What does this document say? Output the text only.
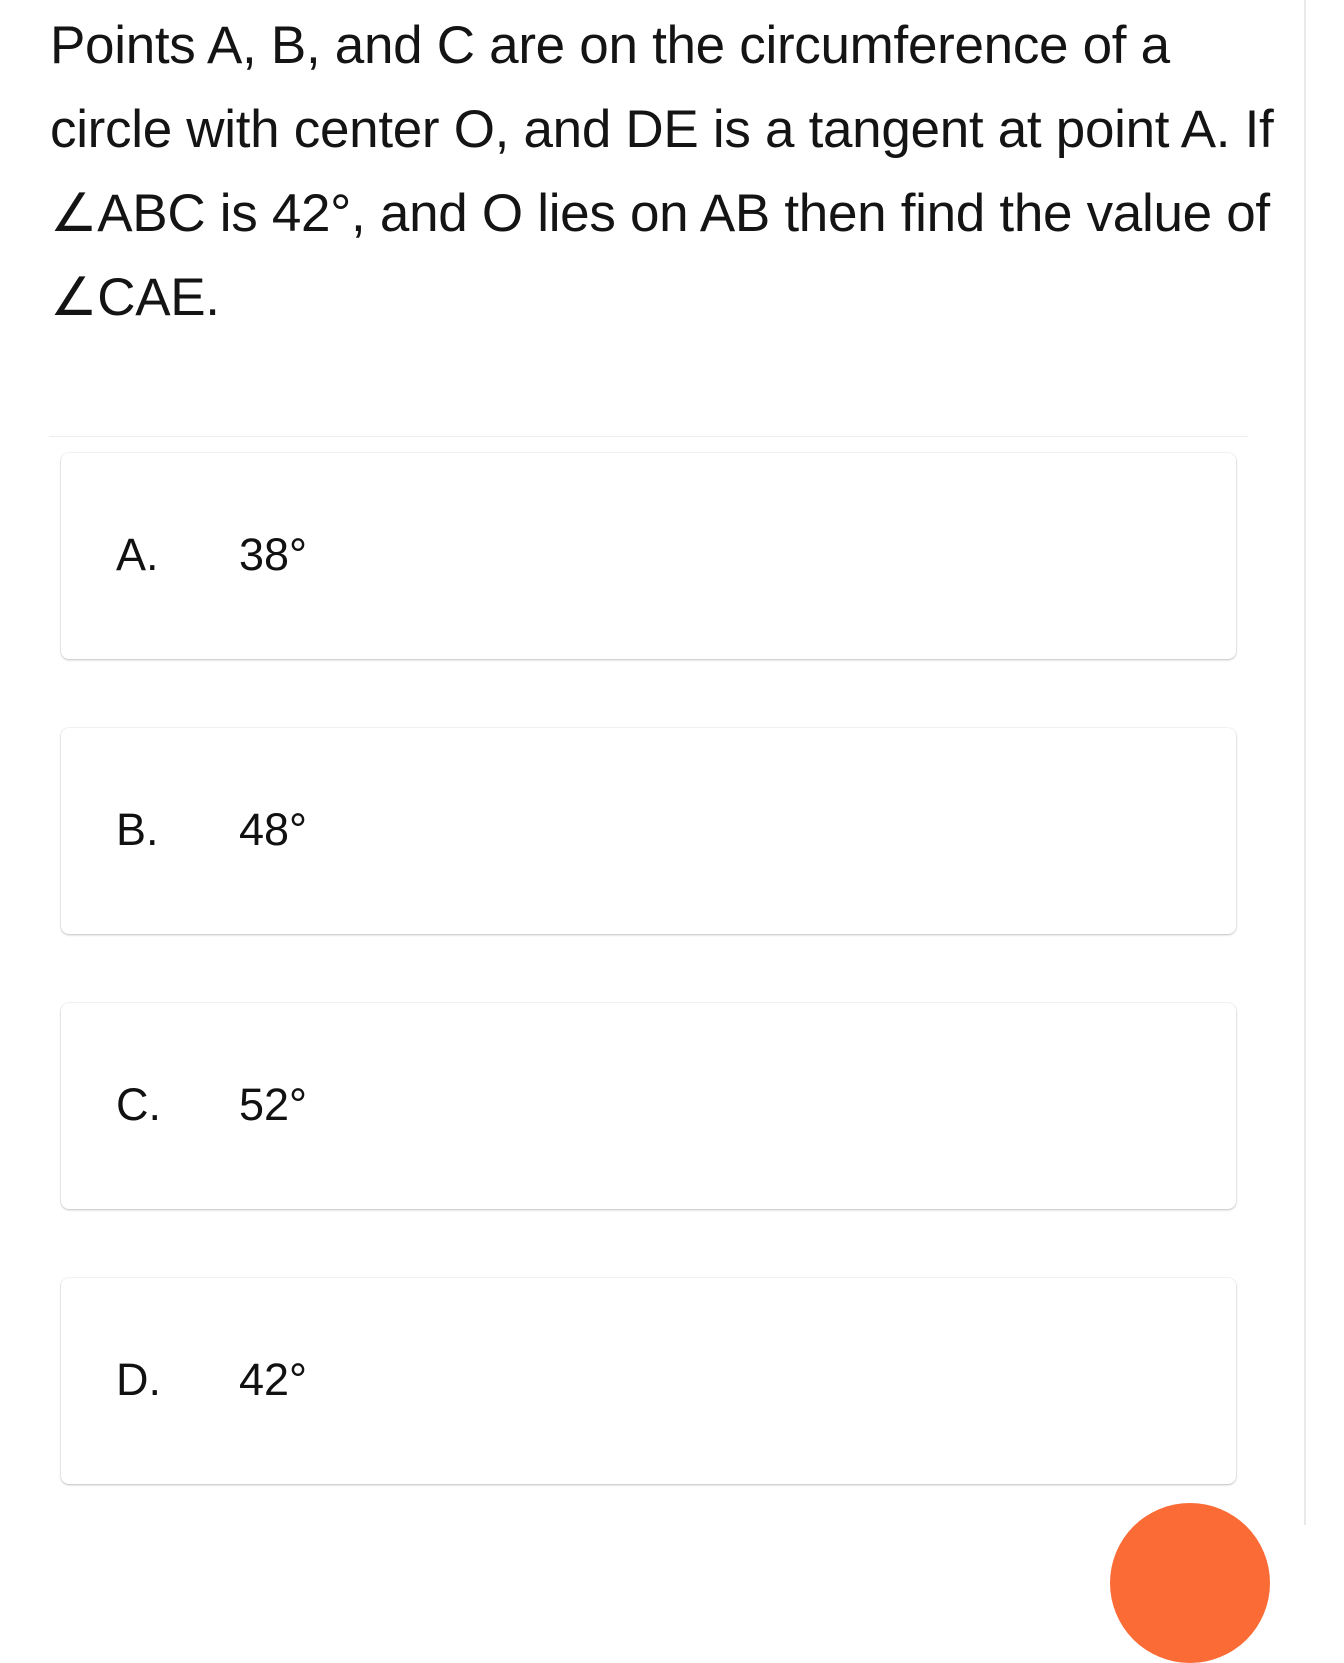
Points A, B, and C are on the circumference of a circle with center O, and DE is a tangent at point A. If ∠ABC is 42°, and O lies on AB then find the value of ∠CAE.

A. 38°
B. 48°
C. 52°
D. 42°
